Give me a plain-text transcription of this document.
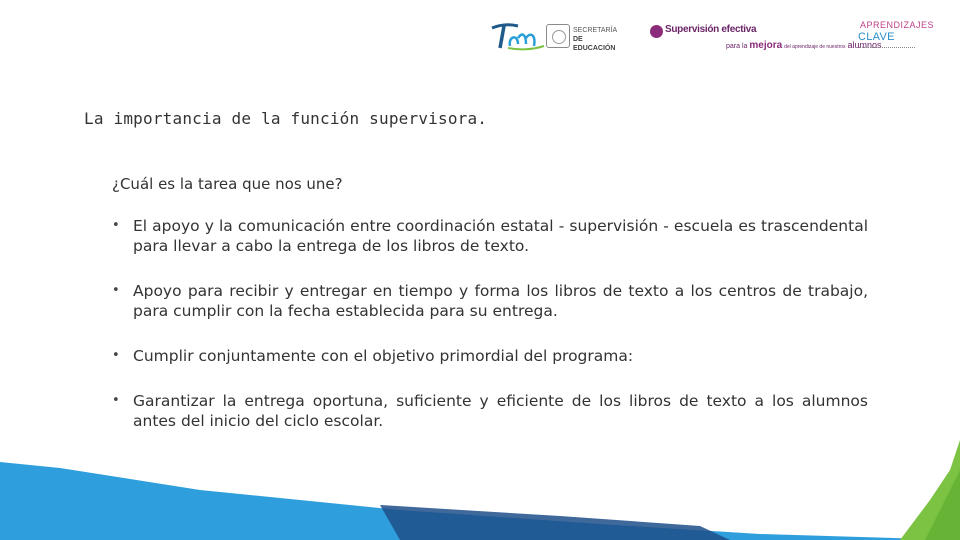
SECRETARÍA
DE EDUCACIÓN
Supervisión efectiva
para la mejora del aprendizaje de nuestros alumnos
APRENDIZAJES
CLAVE
La importancia de la función supervisora.
¿Cuál es la tarea que nos une?
• El apoyo y la comunicación entre coordinación estatal - supervisión - escuela es trascendental para llevar a cabo la entrega de los libros de texto.
• Apoyo para recibir y entregar en tiempo y forma los libros de texto a los centros de trabajo, para cumplir con la fecha establecida para su entrega.
• Cumplir conjuntamente con el objetivo primordial del programa:
• Garantizar la entrega oportuna, suficiente y eficiente de los libros de texto a los alumnos antes del inicio del ciclo escolar.
